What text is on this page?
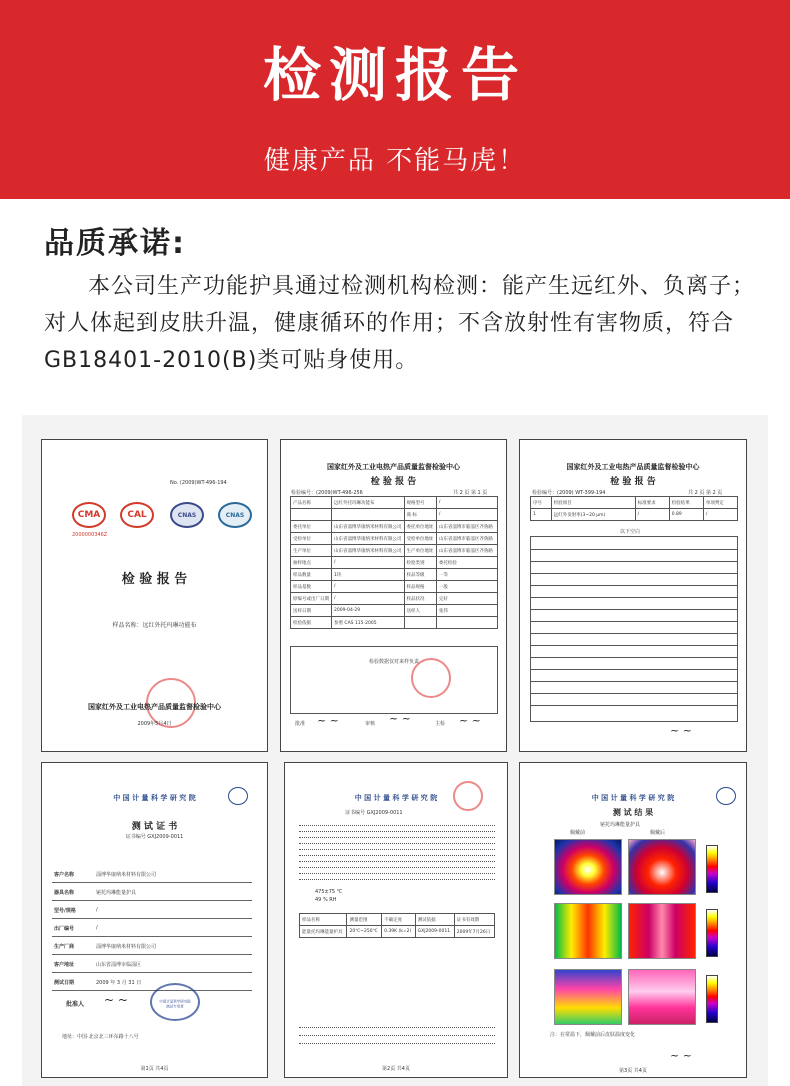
检测报告
健康产品 不能马虎！
品质承诺:
本公司生产功能护具通过检测机构检测：能产生远红外、负离子；对人体起到皮肤升温，健康循环的作用；不含放射性有害物质，符合GB18401-2010(B)类可贴身使用。
No. (2009)WT-496-194
CMA	CAL	CNAS	CNAS
2000000346Z
检 验 报 告
样品名称：远红外托玛琳功能布
国家红外及工业电热产品质量监督检验中心
2009年5月4日
国家红外及工业电热产品质量监督检验中心
检 验 报 告
检验编号：(2009)WT-496-256	共 2 页 第 1 页
产品名称	远红外托玛琳功能布	规格型号	/
		商 标	/
委托单位	山东省淄博华康纳米材料有限公司	委托单位地址	山东省淄博市临淄区齐鲁路
受检单位	山东省淄博华康纳米材料有限公司	受检单位地址	山东省淄博市临淄区齐鲁路
生产单位	山东省淄博华康纳米材料有限公司	生产单位地址	山东省淄博市临淄区齐鲁路
抽样地点	/	检验类别	委托检验
样品数量	1块	样品等级	一等
样品基数	/	样品规格	一般
原编号或出厂日期	/	样品状况	完好
送样日期	2009-04-29	送样人	张伟
检验依据	参照 CAS 115-2005		
检验数据仅对来样负责
批准	审核	主检
~ ~	~ ~	~ ~
国家红外及工业电热产品质量监督检验中心
检 验 报 告
检验编号：(2009) WT-399-194	共 2 页 第 2 页
序号	检验项目	标准要求	检验结果	单项判定
1	远红外发射率(3~20 μm)	/	0.89	/
以下空白
~ ~
中 国 计 量 科 学 研 究 院
测 试 证 书
证书编号 GXJ2009-0011
客户名称	淄博华康纳米材料有限公司
器具名称	铋托玛琳能量护具
型号/规格	/
出厂编号	/
生产厂商	淄博华康纳米材料有限公司
客户地址	山东省淄博市临淄区
测试日期	2009 年 3 月 31 日
批准人 ~ ~	中国计量科学研究院 测试专用章
地址：中国·北京北三环东路十八号
第1页 共4页
中 国 计 量 科 学 研 究 院
证书编号 GXJ2009-0011
475±75 ℃
49 % RH
样品名称	测量范围	不确定度	测试依据	证书有效期
能量托玛琳能量护具	20℃~250℃	0.39K (k=2)	GXJ2009-0011	2009年7月26日
第2页 共4页
中 国 计 量 科 学 研 究 院
测 试 结 果
铋托玛琳能量护具
佩戴前	佩戴后
注：在常温下，佩戴前后皮肤温度变化
~ ~
第3页 共4页
